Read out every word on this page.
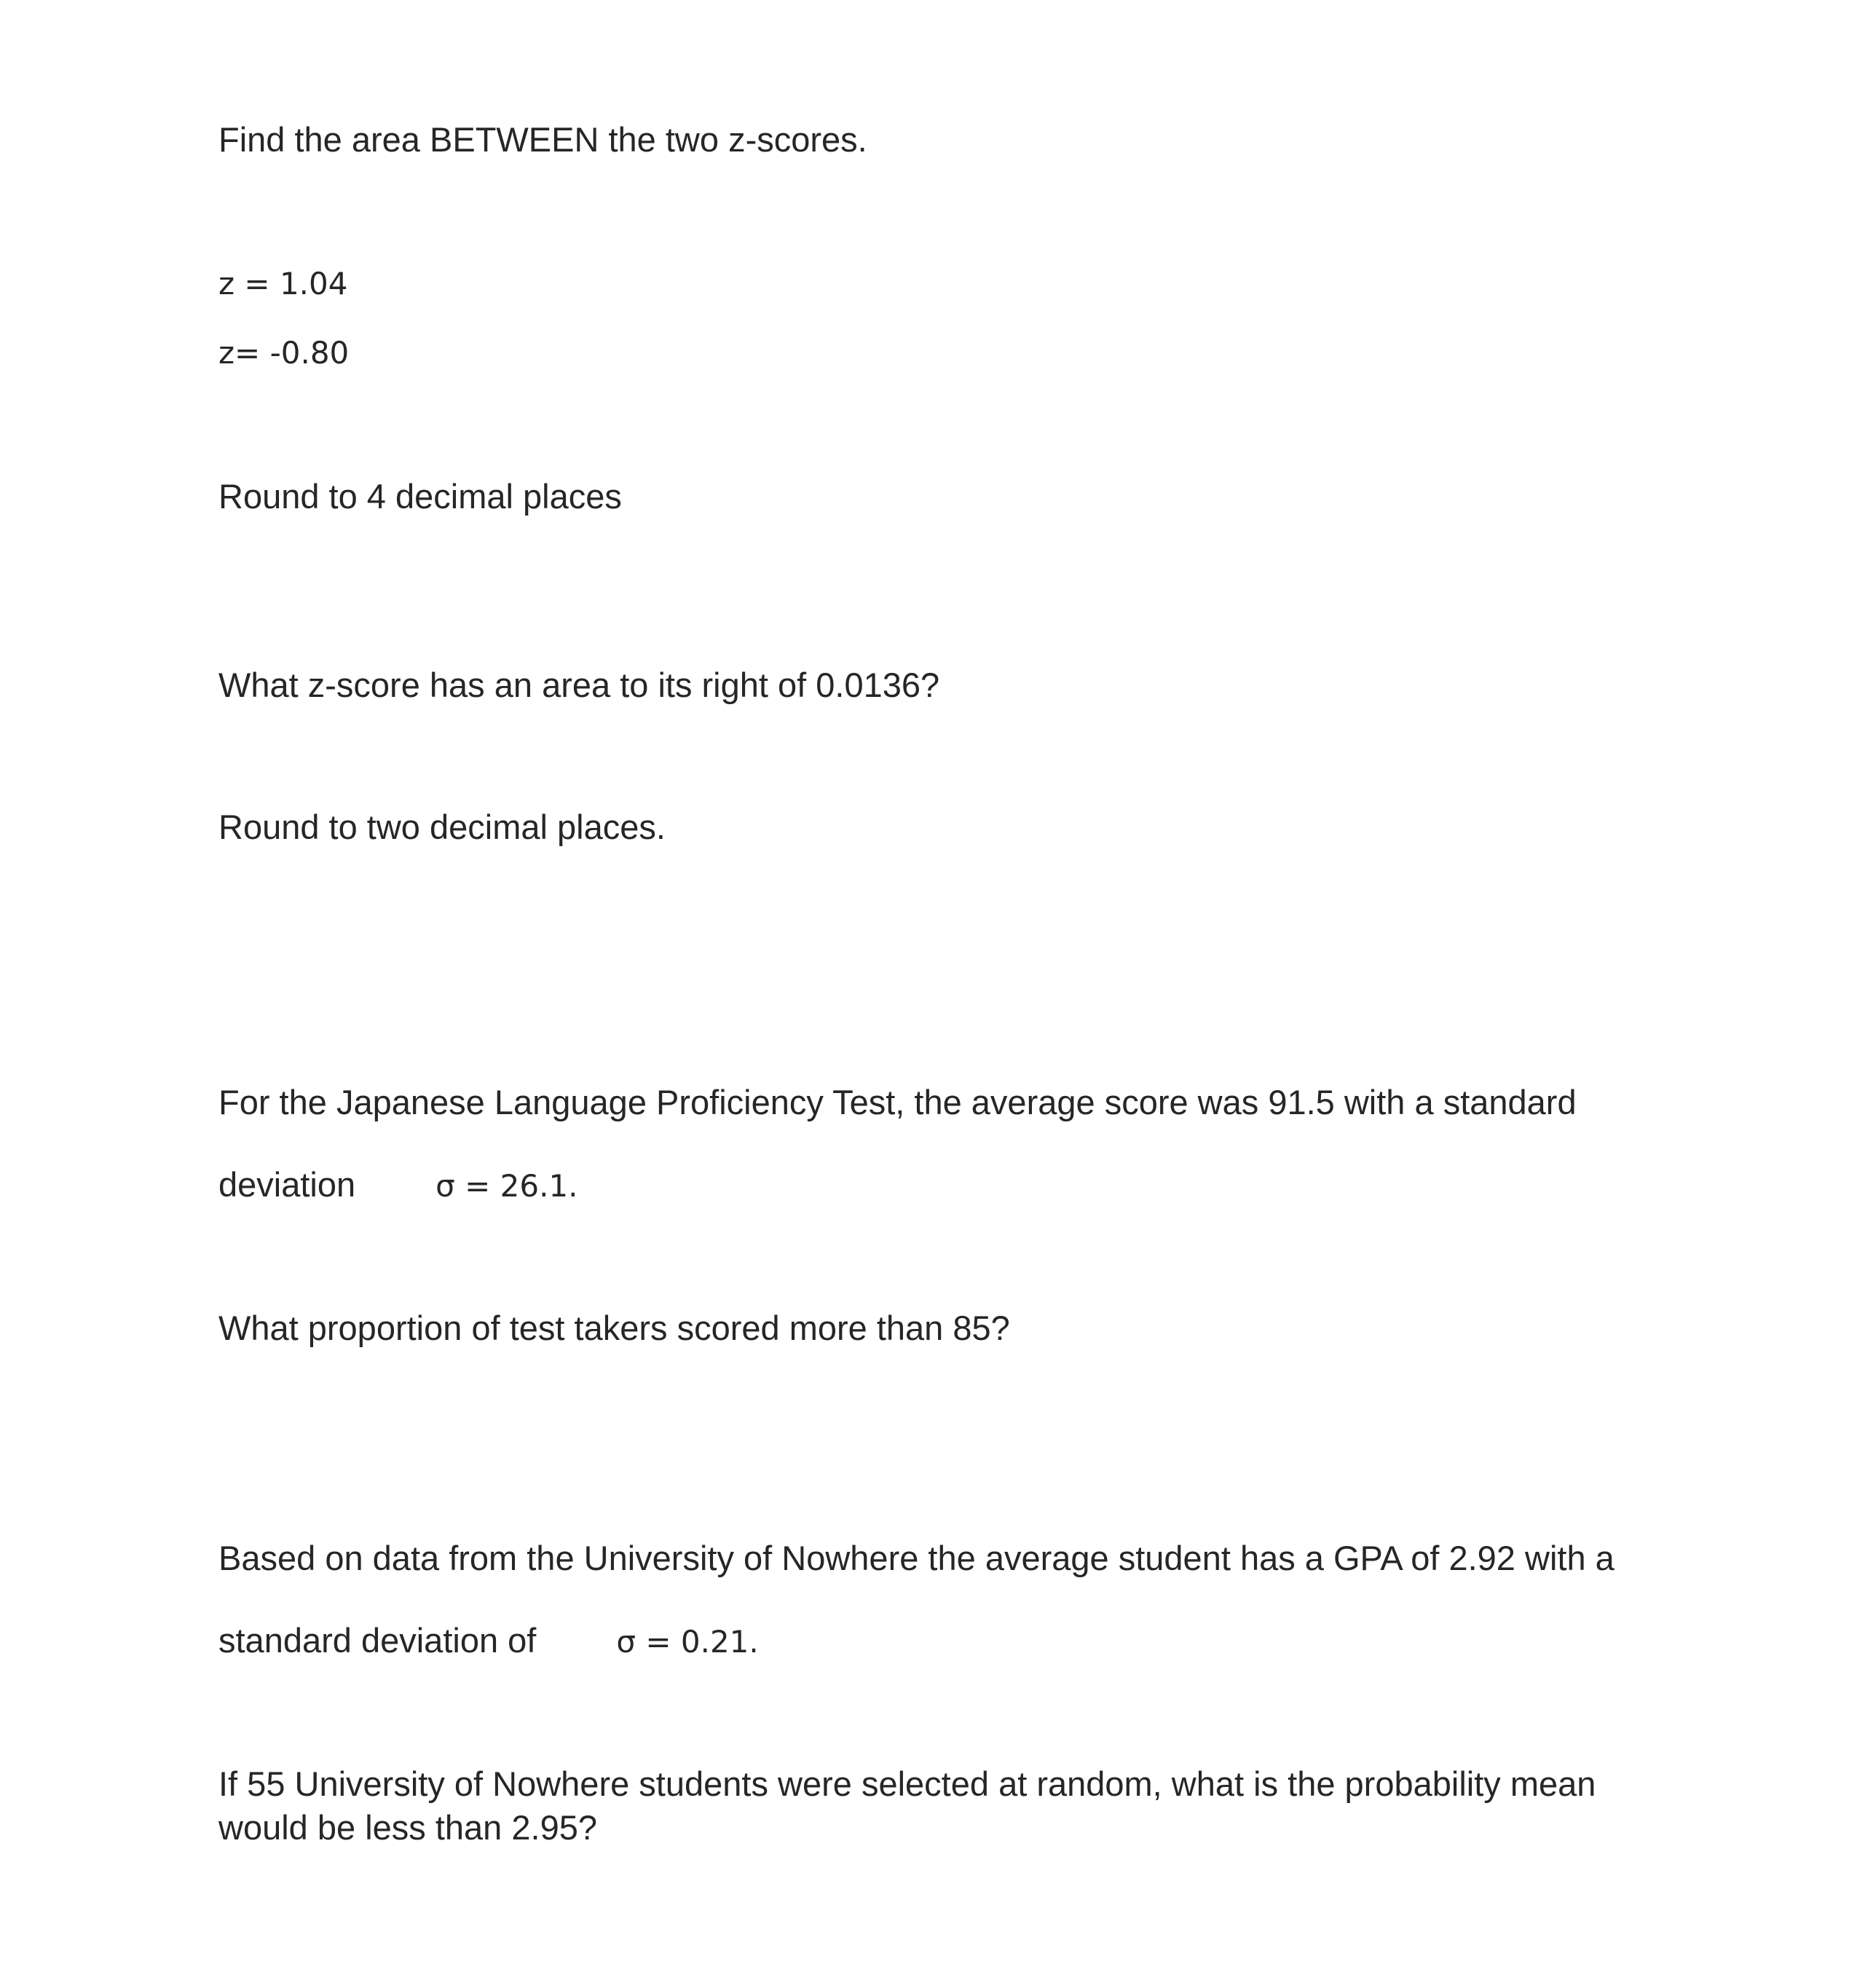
Find the area BETWEEN the two z-scores.
z = 1.04
z= -0.80
Round to 4 decimal places
What z-score has an area to its right of 0.0136?
Round to two decimal places.
For the Japanese Language Proficiency Test, the average score was 91.5 with a standard
deviation	σ = 26.1.
What proportion of test takers scored more than 85?
Based on data from the University of Nowhere the average student has a GPA of 2.92 with a
standard deviation of	σ = 0.21.
If 55 University of Nowhere students were selected at random, what is the probability mean
would be less than 2.95?
